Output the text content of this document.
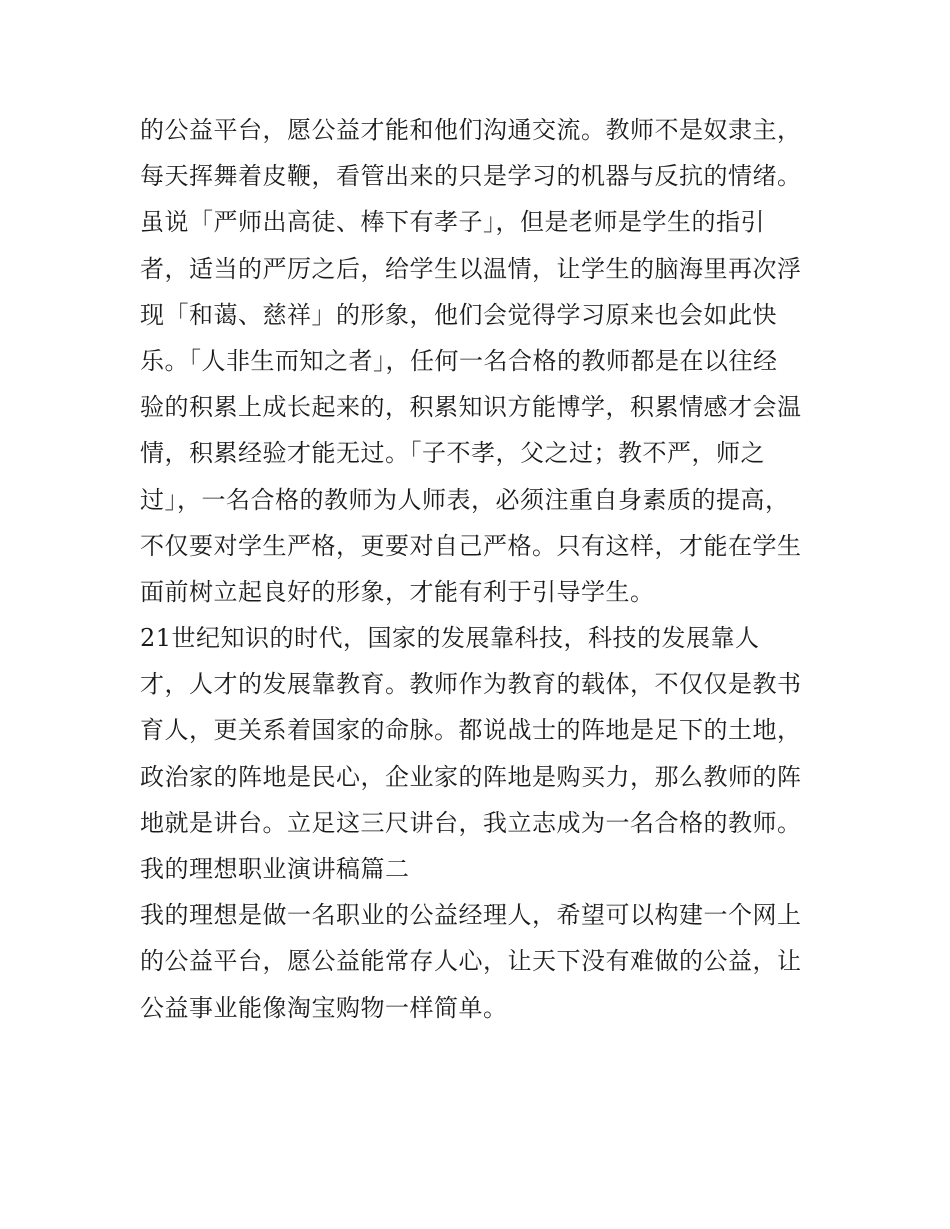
的公益平台，愿公益才能和他们沟通交流。教师不是奴隶主，
每天挥舞着皮鞭，看管出来的只是学习的机器与反抗的情绪。
虽说「严师出高徒、棒下有孝子」，但是老师是学生的指引
者，适当的严厉之后，给学生以温情，让学生的脑海里再次浮
现「和蔼、慈祥」的形象，他们会觉得学习原来也会如此快
乐。「人非生而知之者」，任何一名合格的教师都是在以往经
验的积累上成长起来的，积累知识方能博学，积累情感才会温
情，积累经验才能无过。「子不孝，父之过；教不严，师之
过」，一名合格的教师为人师表，必须注重自身素质的提高，
不仅要对学生严格，更要对自己严格。只有这样，才能在学生
面前树立起良好的形象，才能有利于引导学生。
21世纪知识的时代，国家的发展靠科技，科技的发展靠人
才，人才的发展靠教育。教师作为教育的载体，不仅仅是教书
育人，更关系着国家的命脉。都说战士的阵地是足下的土地，
政治家的阵地是民心，企业家的阵地是购买力，那么教师的阵
地就是讲台。立足这三尺讲台，我立志成为一名合格的教师。
我的理想职业演讲稿篇二
我的理想是做一名职业的公益经理人，希望可以构建一个网上
的公益平台，愿公益能常存人心，让天下没有难做的公益，让
公益事业能像淘宝购物一样简单。
